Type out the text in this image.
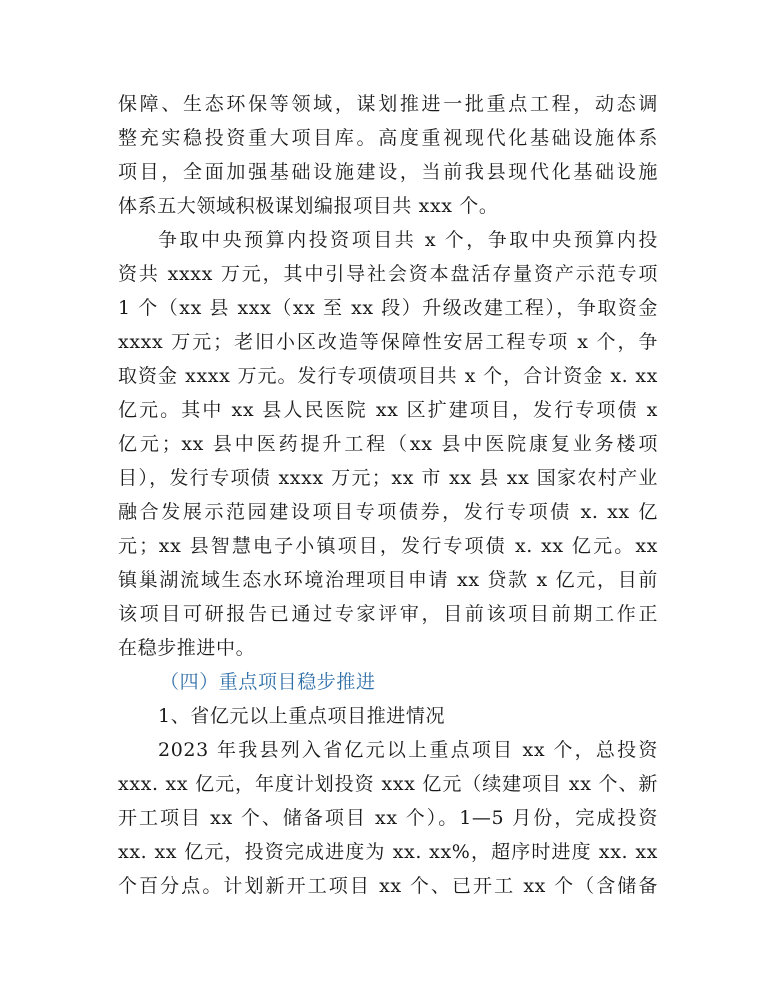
保障、生态环保等领域，谋划推进一批重点工程，动态调
整充实稳投资重大项目库。高度重视现代化基础设施体系
项目，全面加强基础设施建设，当前我县现代化基础设施
体系五大领域积极谋划编报项目共 xxx 个。
争取中央预算内投资项目共 x 个，争取中央预算内投
资共 xxxx 万元，其中引导社会资本盘活存量资产示范专项
1 个（xx 县 xxx（xx 至 xx 段）升级改建工程），争取资金
xxxx 万元；老旧小区改造等保障性安居工程专项 x 个，争
取资金 xxxx 万元。发行专项债项目共 x 个，合计资金 x. xx
亿元。其中 xx 县人民医院 xx 区扩建项目，发行专项债 x
亿元；xx 县中医药提升工程（xx 县中医院康复业务楼项
目），发行专项债 xxxx 万元；xx 市 xx 县 xx 国家农村产业
融合发展示范园建设项目专项债券，发行专项债 x. xx 亿
元；xx 县智慧电子小镇项目，发行专项债 x. xx 亿元。xx
镇巢湖流域生态水环境治理项目申请 xx 贷款 x 亿元，目前
该项目可研报告已通过专家评审，目前该项目前期工作正
在稳步推进中。
（四）重点项目稳步推进
1、省亿元以上重点项目推进情况
2023 年我县列入省亿元以上重点项目 xx 个，总投资
xxx. xx 亿元，年度计划投资 xxx 亿元（续建项目 xx 个、新
开工项目 xx 个、储备项目 xx 个）。1—5 月份，完成投资
xx. xx 亿元，投资完成进度为 xx. xx%，超序时进度 xx. xx
个百分点。计划新开工项目 xx 个、已开工 xx 个（含储备
